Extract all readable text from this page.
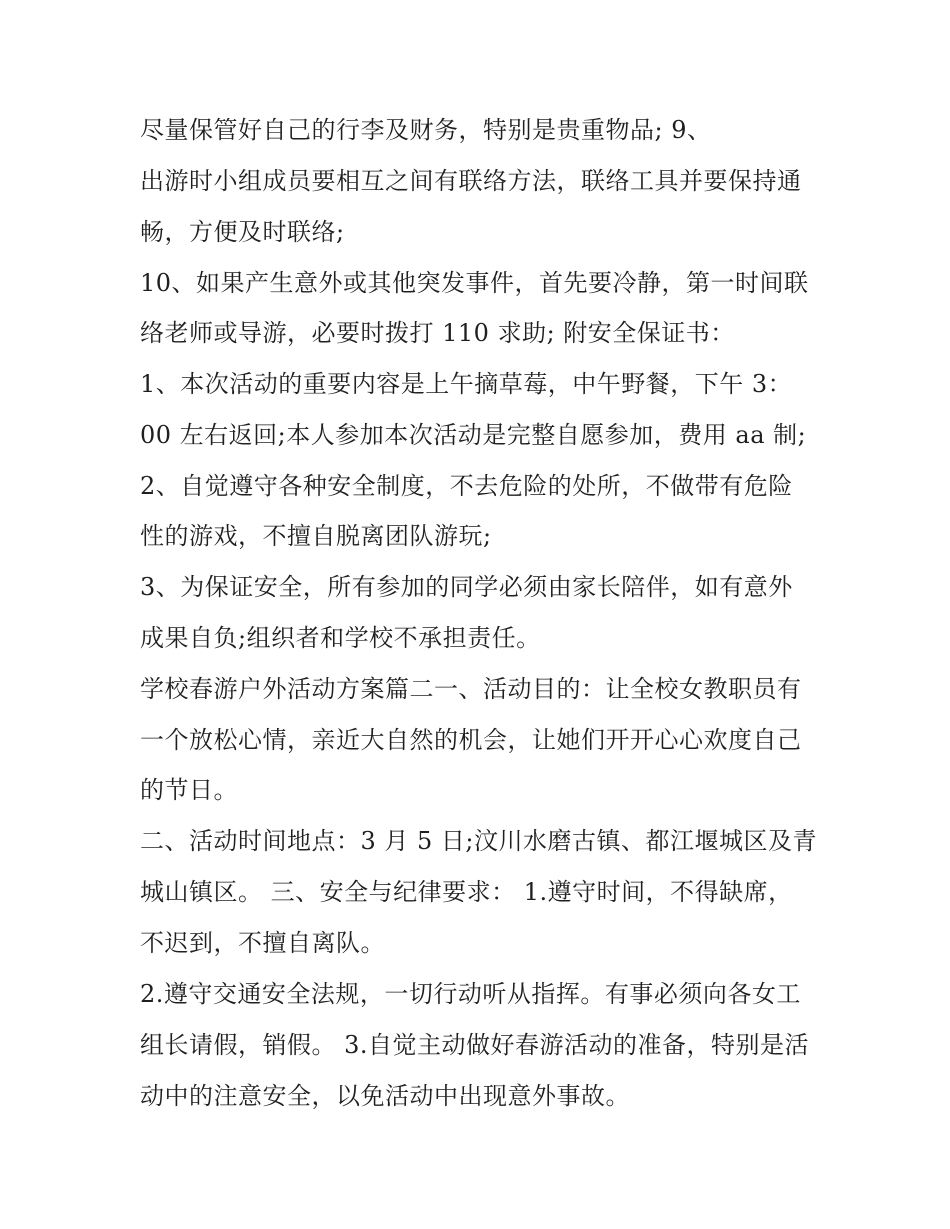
尽量保管好自己的行李及财务，特别是贵重物品; 9、
出游时小组成员要相互之间有联络方法，联络工具并要保持通
畅，方便及时联络;
10、如果产生意外或其他突发事件，首先要冷静，第一时间联
络老师或导游，必要时拨打 110 求助; 附安全保证书：
1、本次活动的重要内容是上午摘草莓，中午野餐，下午 3：
00 左右返回;本人参加本次活动是完整自愿参加，费用 aa 制;
2、自觉遵守各种安全制度，不去危险的处所，不做带有危险
性的游戏，不擅自脱离团队游玩;
3、为保证安全，所有参加的同学必须由家长陪伴，如有意外
成果自负;组织者和学校不承担责任。
学校春游户外活动方案篇二一、活动目的：让全校女教职员有
一个放松心情，亲近大自然的机会，让她们开开心心欢度自己
的节日。
二、活动时间地点：3 月 5 日;汶川水磨古镇、都江堰城区及青
城山镇区。 三、安全与纪律要求： 1.遵守时间，不得缺席，
不迟到，不擅自离队。
2.遵守交通安全法规，一切行动听从指挥。有事必须向各女工
组长请假，销假。 3.自觉主动做好春游活动的准备，特别是活
动中的注意安全，以免活动中出现意外事故。
